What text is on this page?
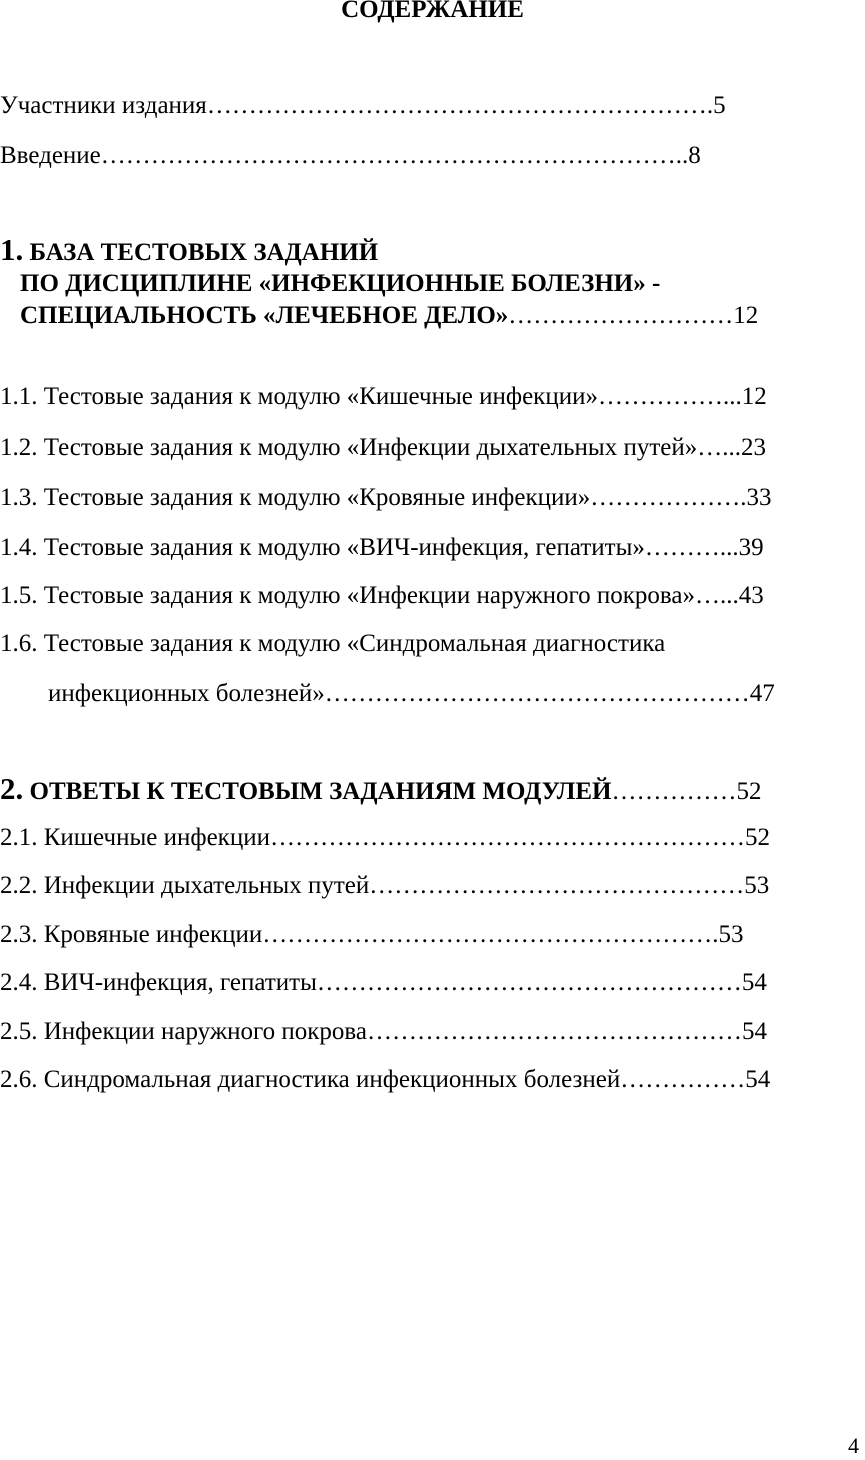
СОДЕРЖАНИЕ
Участники издания…………………………………………………….5
Введение……………………………………………………………..8
1. БАЗА ТЕСТОВЫХ ЗАДАНИЙ
ПО ДИСЦИПЛИНЕ «ИНФЕКЦИОННЫЕ БОЛЕЗНИ» -
СПЕЦИАЛЬНОСТЬ «ЛЕЧЕБНОЕ ДЕЛО»………………………12
1.1. Тестовые задания к модулю «Кишечные инфекции»……………...12
1.2. Тестовые задания к модулю «Инфекции дыхательных путей»…...23
1.3. Тестовые задания к модулю «Кровяные инфекции»……………….33
1.4. Тестовые задания к модулю «ВИЧ-инфекция, гепатиты»………...39
1.5. Тестовые задания к модулю «Инфекции наружного покрова»…...43
1.6. Тестовые задания к модулю «Синдромальная диагностика
инфекционных болезней»……………………………………………47
2. ОТВЕТЫ К ТЕСТОВЫМ ЗАДАНИЯМ МОДУЛЕЙ……………52
2.1. Кишечные инфекции…………………………………………………52
2.2. Инфекции дыхательных путей………………………………………53
2.3. Кровяные инфекции……………………………………………….53
2.4. ВИЧ-инфекция, гепатиты……………………………………………54
2.5. Инфекции наружного покрова………………………………………54
2.6. Синдромальная диагностика инфекционных болезней……………54
4
